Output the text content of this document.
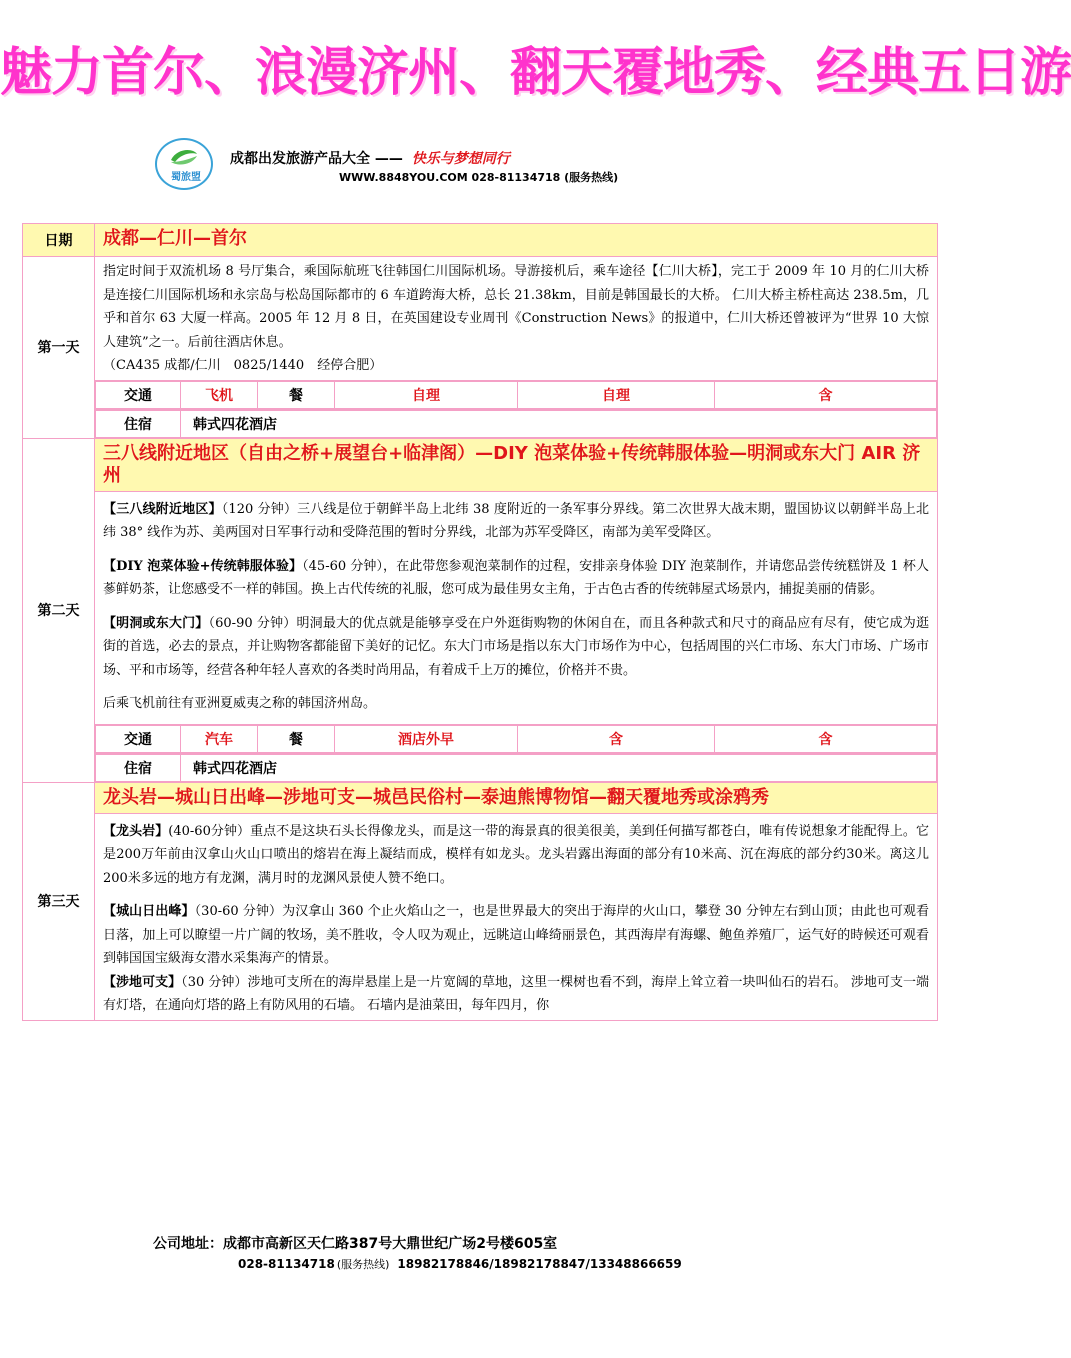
魅力首尔、浪漫济州、翻天覆地秀、经典五日游
蜀旅盟
成都出发旅游产品大全 —— 快乐与梦想同行
WWW.8848YOU.COM 028-81134718 (服务热线)
日期	成都—仁川—首尔
第一天	

指定时间于双流机场 8 号厅集合，乘国际航班飞往韩国仁川国际机场。导游接机后，乘车途径【仁川大桥】，完工于 2009 年 10 月的仁川大桥是连接仁川国际机场和永宗岛与松岛国际都市的 6 车道跨海大桥，总长 21.38km，目前是韩国最长的大桥。 仁川大桥主桥柱高达 238.5m，几乎和首尔 63 大厦一样高。2005 年 12 月 8 日，在英国建设专业周刊《Construction News》的报道中，仁川大桥还曾被评为“世界 10 大惊人建筑”之一。后前往酒店休息。

（CA435 成都/仁川　0825/1440　经停合肥）

交通	飞机	餐	自理	自理	含

住宿	韩式四花酒店

第二天	三八线附近地区（自由之桥+展望台+临津阁）—DIY 泡菜体验+传统韩服体验—明洞或东大门 AIR 济州

【三八线附近地区】（120 分钟）三八线是位于朝鲜半岛上北纬 38 度附近的一条军事分界线。第二次世界大战末期，盟国协议以朝鲜半岛上北纬 38° 线作为苏、美两国对日军事行动和受降范围的暂时分界线，北部为苏军受降区，南部为美军受降区。

【DIY 泡菜体验+传统韩服体验】（45-60 分钟），在此带您参观泡菜制作的过程，安排亲身体验 DIY 泡菜制作，并请您品尝传统糕饼及 1 杯人蔘鲜奶茶，让您感受不一样的韩国。换上古代传统的礼服，您可成为最佳男女主角，于古色古香的传统韩屋式场景内，捕捉美丽的倩影。

【明洞或东大门】（60-90 分钟）明洞最大的优点就是能够享受在户外逛街购物的休闲自在，而且各种款式和尺寸的商品应有尽有，使它成为逛街的首选，必去的景点，并让购物客都能留下美好的记忆。东大门市场是指以东大门市场作为中心，包括周围的兴仁市场、东大门市场、广场市场、平和市场等，经营各种年轻人喜欢的各类时尚用品，有着成千上万的摊位，价格并不贵。

后乘飞机前往有亚洲夏威夷之称的韩国济州岛。

交通	汽车	餐	酒店外早	含	含

住宿	韩式四花酒店

第三天	龙头岩—城山日出峰—涉地可支—城邑民俗村—泰迪熊博物馆—翻天覆地秀或涂鸦秀

【龙头岩】(40-60分钟）重点不是这块石头长得像龙头，而是这一带的海景真的很美很美，美到任何描写都苍白，唯有传说想象才能配得上。它是200万年前由汉拿山火山口喷出的熔岩在海上凝结而成，模样有如龙头。龙头岩露出海面的部分有10米高、沉在海底的部分约30米。离这儿200米多远的地方有龙渊，满月时的龙渊风景使人赞不绝口。

【城山日出峰】（30-60 分钟）为汉拿山 360 个止火焰山之一，也是世界最大的突出于海岸的火山口，攀登 30 分钟左右到山顶；由此也可观看日落，加上可以瞭望一片广阔的牧场，美不胜收，令人叹为观止，远眺這山峰绮丽景色，其西海岸有海螺、鲍鱼养殖厂，运气好的時候还可观看到韩国国宝級海女潜水采集海产的情景。

【涉地可支】（30 分钟）涉地可支所在的海岸悬崖上是一片宽阔的草地，这里一棵树也看不到，海岸上耸立着一块叫仙石的岩石。 涉地可支一端有灯塔，在通向灯塔的路上有防风用的石墙。 石墙内是油菜田，每年四月，你

公司地址：成都市高新区天仁路387号大鼎世纪广场2号楼605室
028-81134718 (服务热线) 18982178846/18982178847/13348866659
